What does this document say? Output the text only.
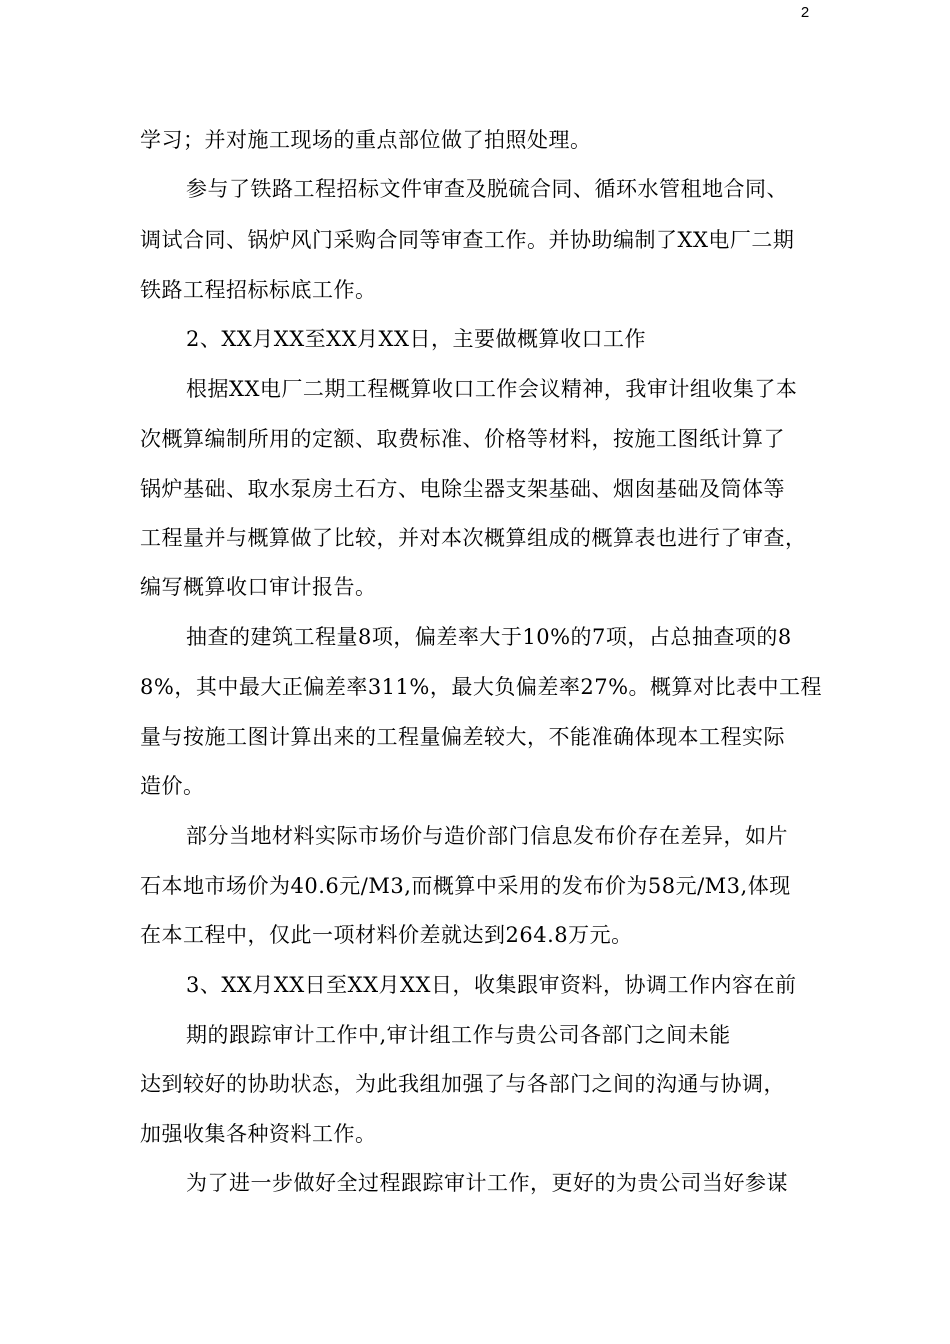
2
学习；并对施工现场的重点部位做了拍照处理。
参与了铁路工程招标文件审查及脱硫合同、循环水管租地合同、
调试合同、锅炉风门采购合同等审查工作。并协助编制了XX电厂二期
铁路工程招标标底工作。
2、XX月XX至XX月XX日，主要做概算收口工作
根据XX电厂二期工程概算收口工作会议精神，我审计组收集了本
次概算编制所用的定额、取费标准、价格等材料，按施工图纸计算了
锅炉基础、取水泵房土石方、电除尘器支架基础、烟囱基础及筒体等
工程量并与概算做了比较，并对本次概算组成的概算表也进行了审查，
编写概算收口审计报告。
抽查的建筑工程量8项，偏差率大于10%的7项，占总抽查项的8
8%，其中最大正偏差率311%，最大负偏差率27%。概算对比表中工程
量与按施工图计算出来的工程量偏差较大，不能准确体现本工程实际
造价。
部分当地材料实际市场价与造价部门信息发布价存在差异，如片
石本地市场价为40.6元/M3,而概算中采用的发布价为58元/M3,体现
在本工程中，仅此一项材料价差就达到264.8万元。
3、XX月XX日至XX月XX日，收集跟审资料，协调工作内容在前
期的跟踪审计工作中,审计组工作与贵公司各部门之间未能
达到较好的协助状态，为此我组加强了与各部门之间的沟通与协调，
加强收集各种资料工作。
为了进一步做好全过程跟踪审计工作，更好的为贵公司当好参谋
